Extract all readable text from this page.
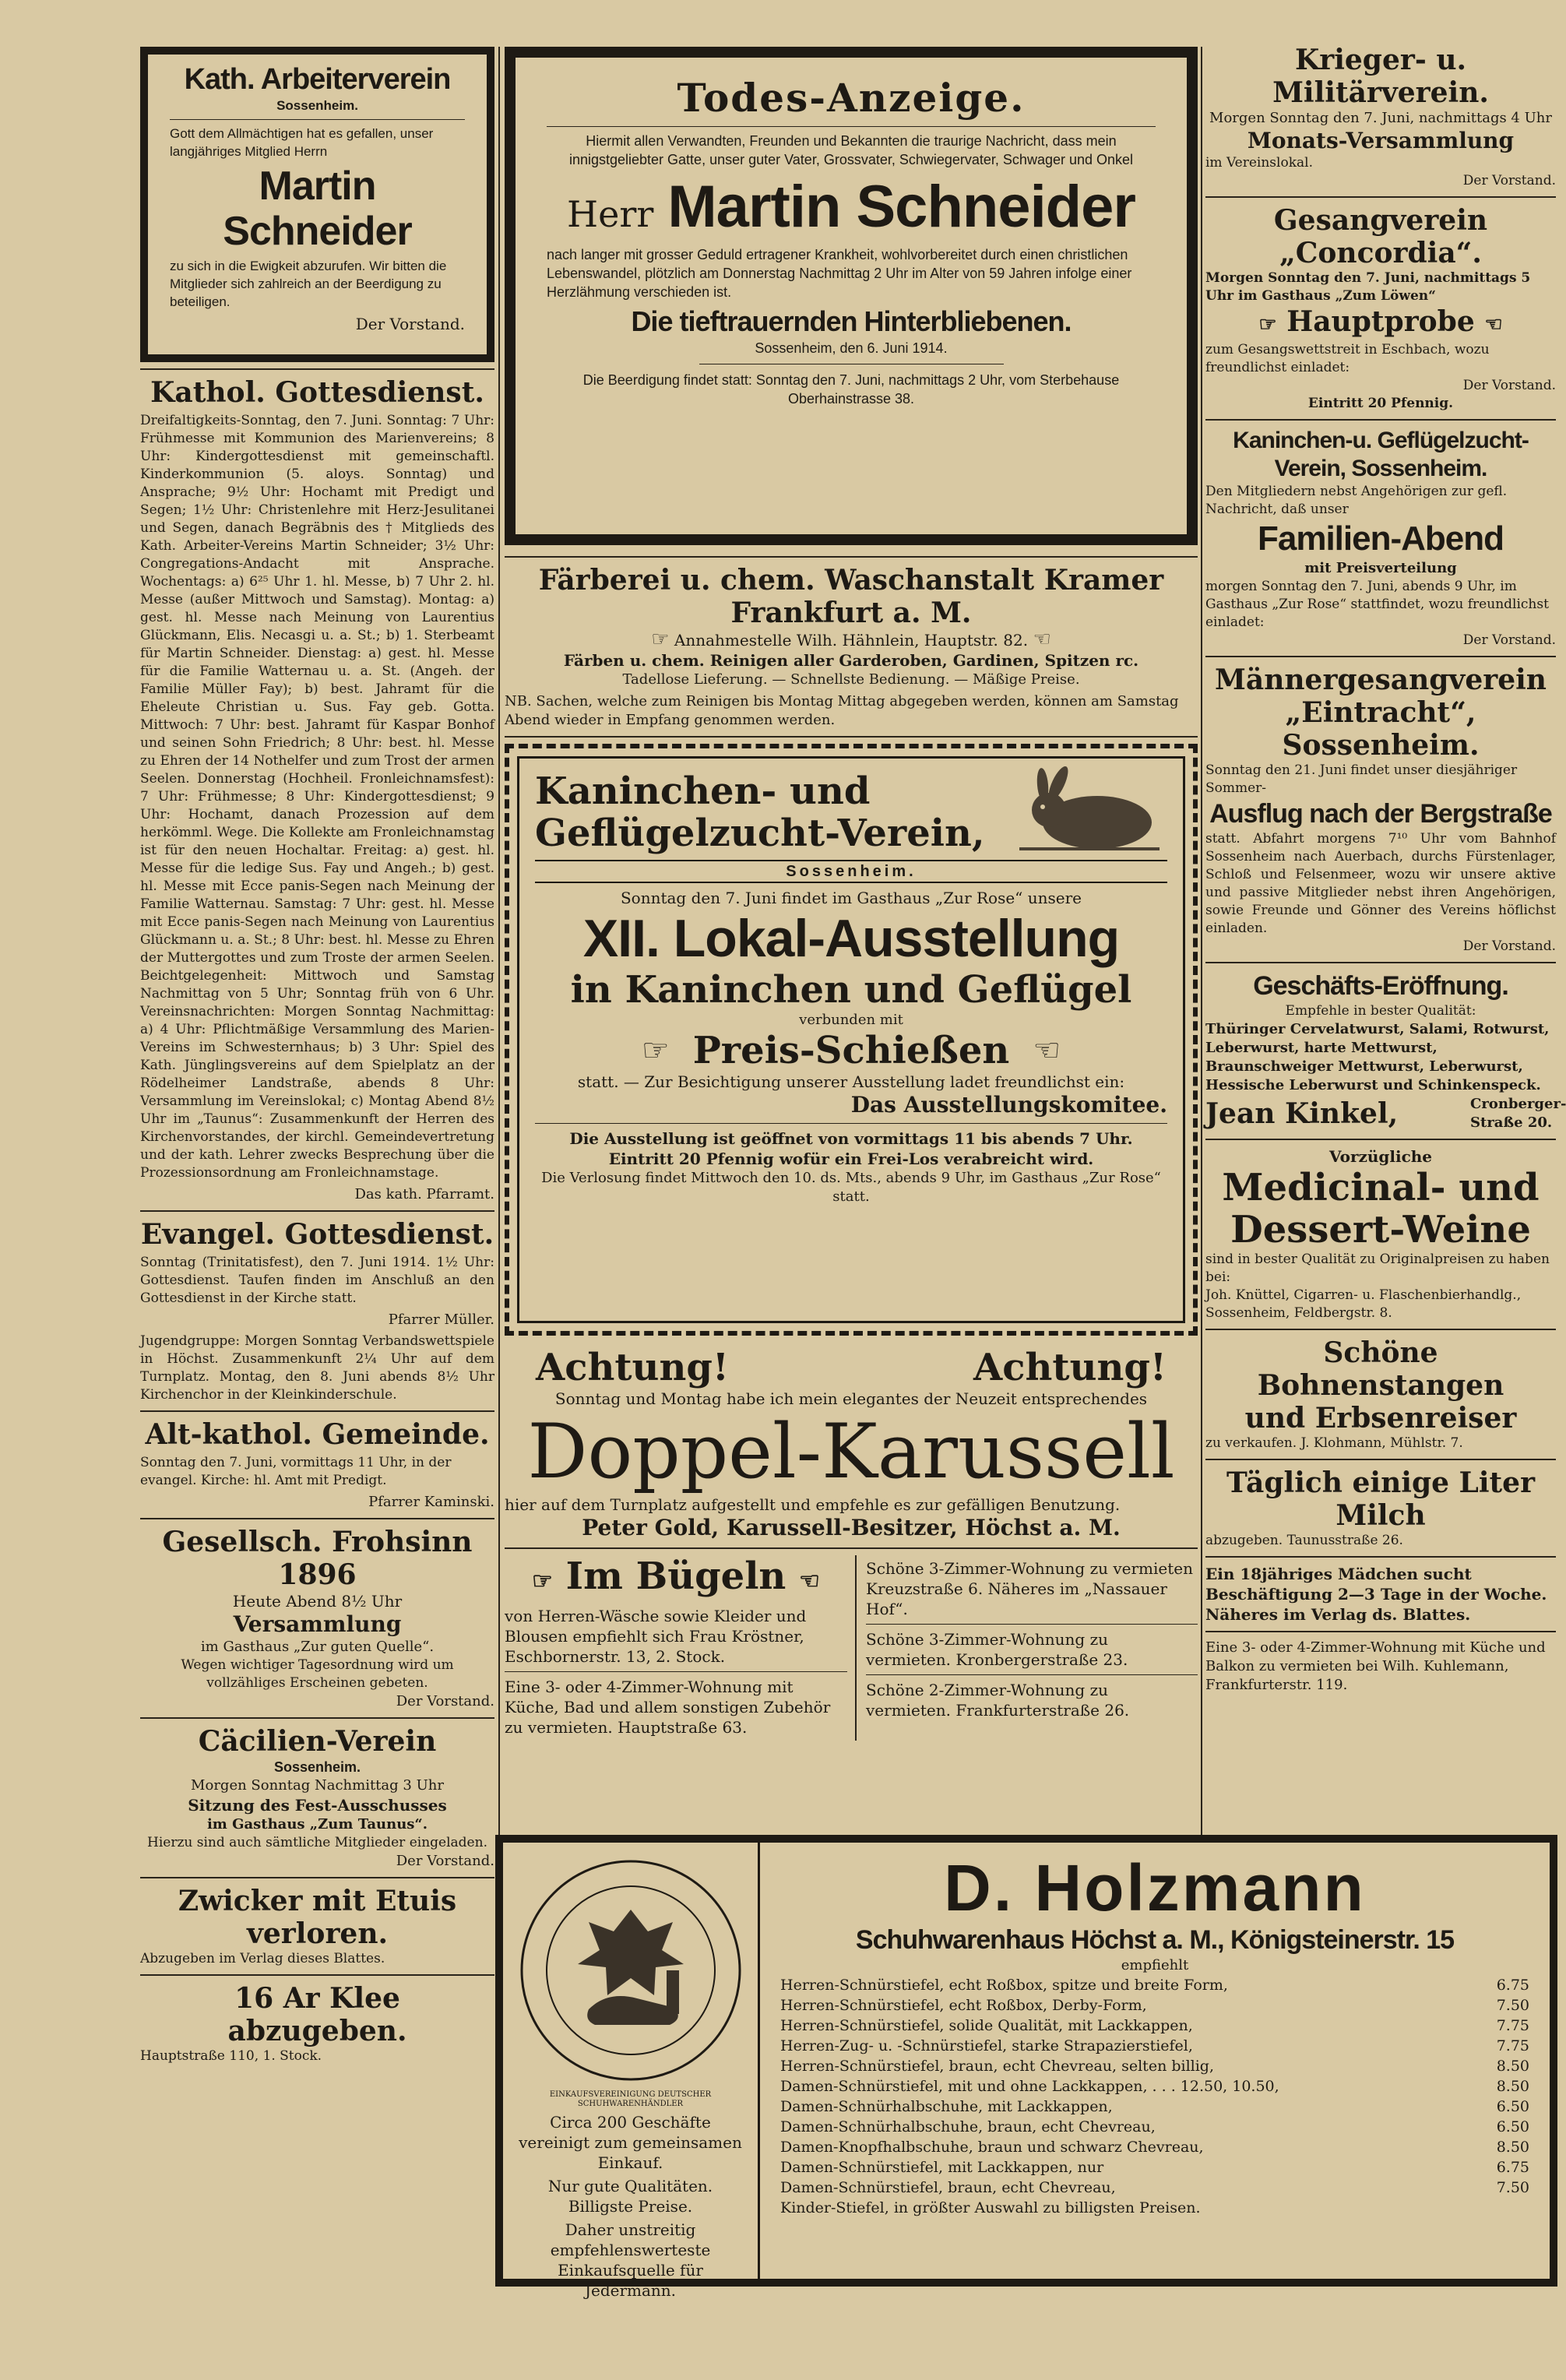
Kath. Arbeiterverein
Sossenheim.

Gott dem Allmächtigen hat es gefallen, unser langjähriges Mitglied Herrn

Martin Schneider

zu sich in die Ewigkeit abzurufen. Wir bitten die Mitglieder sich zahlreich an der Beerdigung zu beteiligen.

Der Vorstand.
Kathol. Gottesdienst.

Dreifaltigkeits-Sonntag, den 7. Juni. Sonntag: 7 Uhr: Frühmesse mit Kommunion des Marienvereins; 8 Uhr: Kindergottesdienst mit gemeinschaftl. Kinderkommunion (5. aloys. Sonntag) und Ansprache; 9½ Uhr: Hochamt mit Predigt und Segen; 1½ Uhr: Christenlehre mit Herz-Jesulitanei und Segen, danach Begräbnis des † Mitglieds des Kath. Arbeiter-Vereins Martin Schneider; 3½ Uhr: Congregations-Andacht mit Ansprache. Wochentags: a) 6²⁵ Uhr 1. hl. Messe, b) 7 Uhr 2. hl. Messe (außer Mittwoch und Samstag). Montag: a) gest. hl. Messe nach Meinung von Laurentius Glückmann, Elis. Necasgi u. a. St.; b) 1. Sterbeamt für Martin Schneider. Dienstag: a) gest. hl. Messe für die Familie Watternau u. a. St. (Angeh. der Familie Müller Fay); b) best. Jahramt für die Eheleute Christian u. Sus. Fay geb. Gotta. Mittwoch: 7 Uhr: best. Jahramt für Kaspar Bonhof und seinen Sohn Friedrich; 8 Uhr: best. hl. Messe zu Ehren der 14 Nothelfer und zum Trost der armen Seelen. Donnerstag (Hochheil. Fronleichnamsfest): 7 Uhr: Frühmesse; 8 Uhr: Kindergottesdienst; 9 Uhr: Hochamt, danach Prozession auf dem herkömml. Wege. Die Kollekte am Fronleichnamstag ist für den neuen Hochaltar. Freitag: a) gest. hl. Messe für die ledige Sus. Fay und Angeh.; b) gest. hl. Messe mit Ecce panis-Segen nach Meinung der Familie Watternau. Samstag: 7 Uhr: gest. hl. Messe mit Ecce panis-Segen nach Meinung von Laurentius Glückmann u. a. St.; 8 Uhr: best. hl. Messe zu Ehren der Muttergottes und zum Troste der armen Seelen. Beichtgelegenheit: Mittwoch und Samstag Nachmittag von 5 Uhr; Sonntag früh von 6 Uhr. Vereinsnachrichten: Morgen Sonntag Nachmittag: a) 4 Uhr: Pflichtmäßige Versammlung des Marien-Vereins im Schwesternhaus; b) 3 Uhr: Spiel des Kath. Jünglingsvereins auf dem Spielplatz an der Rödelheimer Landstraße, abends 8 Uhr: Versammlung im Vereinslokal; c) Montag Abend 8½ Uhr im „Taunus“: Zusammenkunft der Herren des Kirchenvorstandes, der kirchl. Gemeindevertretung und der kath. Lehrer zwecks Besprechung über die Prozessionsordnung am Fronleichnamstage.

Das kath. Pfarramt.
Evangel. Gottesdienst.

Sonntag (Trinitatisfest), den 7. Juni 1914. 1½ Uhr: Gottesdienst. Taufen finden im Anschluß an den Gottesdienst in der Kirche statt.

Pfarrer Müller.

Jugendgruppe: Morgen Sonntag Verbandswettspiele in Höchst. Zusammenkunft 2¼ Uhr auf dem Turnplatz. Montag, den 8. Juni abends 8½ Uhr Kirchenchor in der Kleinkinderschule.

Alt-kathol. Gemeinde.

Sonntag den 7. Juni, vormittags 11 Uhr, in der evangel. Kirche: hl. Amt mit Predigt.

Pfarrer Kaminski.
Gesellsch. Frohsinn 1896
Heute Abend 8½ Uhr
Versammlung
im Gasthaus „Zur guten Quelle“.
Wegen wichtiger Tagesordnung wird um vollzähliges Erscheinen gebeten.
Der Vorstand.
Cäcilien-Verein
Sossenheim.
Morgen Sonntag Nachmittag 3 Uhr
Sitzung des Fest-Ausschusses
im Gasthaus „Zum Taunus“.
Hierzu sind auch sämtliche Mitglieder eingeladen.
Der Vorstand.
Zwicker mit Etuis verloren.
Abzugeben im Verlag dieses Blattes.
16 Ar Klee abzugeben.
Hauptstraße 110, 1. Stock.
Todes-Anzeige.

Hiermit allen Verwandten, Freunden und Bekannten die traurige Nachricht, dass mein innigstgeliebter Gatte, unser guter Vater, Grossvater, Schwiegervater, Schwager und Onkel

Herr Martin Schneider

nach langer mit grosser Geduld ertragener Krankheit, wohlvorbereitet durch einen christlichen Lebenswandel, plötzlich am Donnerstag Nachmittag 2 Uhr im Alter von 59 Jahren infolge einer Herzlähmung verschieden ist.

Die tieftrauernden Hinterbliebenen.
Sossenheim, den 6. Juni 1914.

Die Beerdigung findet statt: Sonntag den 7. Juni, nachmittags 2 Uhr, vom Sterbehause Oberhainstrasse 38.

Färberei u. chem. Waschanstalt Kramer Frankfurt a. M.
☞ Annahmestelle Wilh. Hähnlein, Hauptstr. 82. ☜
Färben u. chem. Reinigen aller Garderoben, Gardinen, Spitzen rc.
Tadellose Lieferung. — Schnellste Bedienung. — Mäßige Preise.

NB. Sachen, welche zum Reinigen bis Montag Mittag abgegeben werden, können am Samstag Abend wieder in Empfang genommen werden.

Kaninchen- und
Geflügelzucht-Verein,
Sossenheim.
Sonntag den 7. Juni findet im Gasthaus „Zur Rose“ unsere
XII. Lokal-Ausstellung
in Kaninchen und Geflügel
verbunden mit
☞ Preis-Schießen ☜
statt. — Zur Besichtigung unserer Ausstellung ladet freundlichst ein:
Das Ausstellungskomitee.
Die Ausstellung ist geöffnet von vormittags 11 bis abends 7 Uhr.
Eintritt 20 Pfennig wofür ein Frei-Los verabreicht wird.
Die Verlosung findet Mittwoch den 10. ds. Mts., abends 9 Uhr, im Gasthaus „Zur Rose“ statt.
Achtung!	Achtung!
Sonntag und Montag habe ich mein elegantes der Neuzeit entsprechendes
Doppel-Karussell
hier auf dem Turnplatz aufgestellt und empfehle es zur gefälligen Benutzung.
Peter Gold, Karussell-Besitzer, Höchst a. M.
☞ Im Bügeln ☜

von Herren-Wäsche sowie Kleider und Blousen empfiehlt sich Frau Kröstner, Eschbornerstr. 13, 2. Stock.

Eine 3- oder 4-Zimmer-Wohnung mit Küche, Bad und allem sonstigen Zubehör zu vermieten. Hauptstraße 63.

Schöne 3-Zimmer-Wohnung zu vermieten Kreuzstraße 6. Näheres im „Nassauer Hof“.

Schöne 3-Zimmer-Wohnung zu vermieten. Kronbergerstraße 23.

Schöne 2-Zimmer-Wohnung zu vermieten. Frankfurterstraße 26.

Krieger- u. Militärverein.
Morgen Sonntag den 7. Juni, nachmittags 4 Uhr
Monats-Versammlung
im Vereinslokal.
Der Vorstand.
Gesangverein „Concordia“.
Morgen Sonntag den 7. Juni, nachmittags 5 Uhr im Gasthaus „Zum Löwen“
☞ Hauptprobe ☜
zum Gesangswettstreit in Eschbach, wozu freundlichst einladet:
Der Vorstand.
Eintritt 20 Pfennig.
Kaninchen-u. Geflügelzucht-Verein, Sossenheim.
Den Mitgliedern nebst Angehörigen zur gefl. Nachricht, daß unser
Familien-Abend
mit Preisverteilung
morgen Sonntag den 7. Juni, abends 9 Uhr, im Gasthaus „Zur Rose“ stattfindet, wozu freundlichst einladet:
Der Vorstand.
Männergesangverein
„Eintracht“, Sossenheim.
Sonntag den 21. Juni findet unser diesjähriger Sommer-
Ausflug nach der Bergstraße
statt. Abfahrt morgens 7¹⁰ Uhr vom Bahnhof Sossenheim nach Auerbach, durchs Fürstenlager, Schloß und Felsenmeer, wozu wir unsere aktive und passive Mitglieder nebst ihren Angehörigen, sowie Freunde und Gönner des Vereins höflichst einladen.
Der Vorstand.
Geschäfts-Eröffnung.
Empfehle in bester Qualität:
Thüringer Cervelatwurst, Salami, Rotwurst, Leberwurst, harte Mettwurst, Braunschweiger Mettwurst, Leberwurst, Hessische Leberwurst und Schinkenspeck.
Jean Kinkel,	Cronberger-Straße 20.
Vorzügliche
Medicinal- und
Dessert-Weine
sind in bester Qualität zu Originalpreisen zu haben bei:
Joh. Knüttel, Cigarren- u. Flaschenbierhandlg., Sossenheim, Feldbergstr. 8.
Schöne Bohnenstangen
und Erbsenreiser
zu verkaufen. J. Klohmann, Mühlstr. 7.
Täglich einige Liter Milch
abzugeben. Taunusstraße 26.
Ein 18jähriges Mädchen sucht Beschäftigung 2—3 Tage in der Woche. Näheres im Verlag ds. Blattes.
Eine 3- oder 4-Zimmer-Wohnung mit Küche und Balkon zu vermieten bei Wilh. Kuhlemann, Frankfurterstr. 119.
EINKAUFSVEREINIGUNG DEUTSCHER SCHUHWARENHÄNDLER

Circa 200 Geschäfte vereinigt zum gemeinsamen Einkauf.

Nur gute Qualitäten. Billigste Preise.

Daher unstreitig empfehlenswerteste Einkaufsquelle für Jedermann.

D. Holzmann
Schuhwarenhaus Höchst a. M., Königsteinerstr. 15
empfiehlt
Herren-Schnürstiefel, echt Roßbox, spitze und breite Form,	6.75
Herren-Schnürstiefel, echt Roßbox, Derby-Form,	7.50
Herren-Schnürstiefel, solide Qualität, mit Lackkappen,	7.75
Herren-Zug- u. -Schnürstiefel, starke Strapazierstiefel,	7.75
Herren-Schnürstiefel, braun, echt Chevreau, selten billig,	8.50
Damen-Schnürstiefel, mit und ohne Lackkappen, . . . 12.50, 10.50,	8.50
Damen-Schnürhalbschuhe, mit Lackkappen,	6.50
Damen-Schnürhalbschuhe, braun, echt Chevreau,	6.50
Damen-Knopfhalbschuhe, braun und schwarz Chevreau,	8.50
Damen-Schnürstiefel, mit Lackkappen, nur	6.75
Damen-Schnürstiefel, braun, echt Chevreau,	7.50
Kinder-Stiefel, in größter Auswahl zu billigsten Preisen.
